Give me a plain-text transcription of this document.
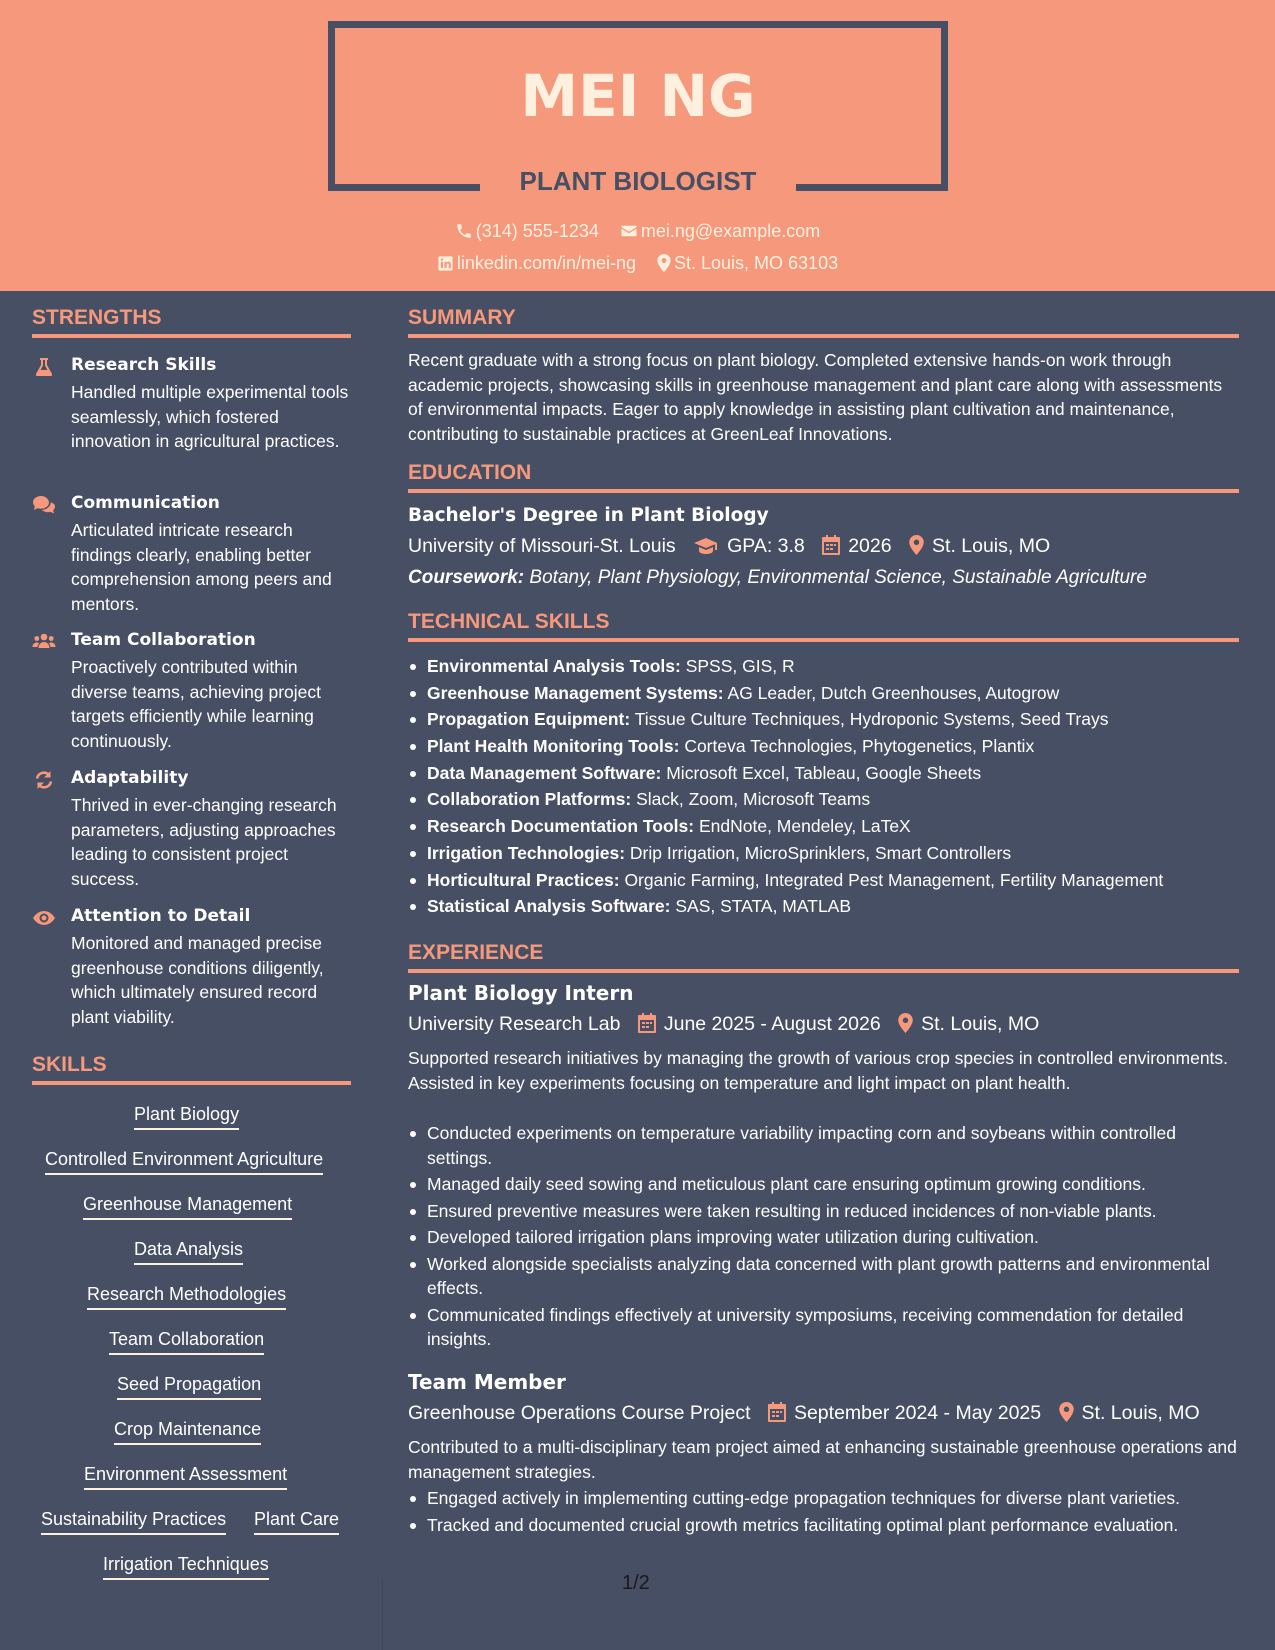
MEI NG
PLANT BIOLOGIST
(314) 555-1234 mei.ng@example.com
linkedin.com/in/mei-ng St. Louis, MO 63103
STRENGTHS
Research Skills
Handled multiple experimental tools seamlessly, which fostered innovation in agricultural practices.
Communication
Articulated intricate research findings clearly, enabling better comprehension among peers and mentors.
Team Collaboration
Proactively contributed within diverse teams, achieving project targets efficiently while learning continuously.
Adaptability
Thrived in ever-changing research parameters, adjusting approaches leading to consistent project success.
Attention to Detail
Monitored and managed precise greenhouse conditions diligently, which ultimately ensured record plant viability.
SKILLS
Plant Biology
Controlled Environment Agriculture
Greenhouse Management
Data Analysis
Research Methodologies
Team Collaboration
Seed Propagation
Crop Maintenance
Environment Assessment
Sustainability Practices Plant Care
Irrigation Techniques
SUMMARY
Recent graduate with a strong focus on plant biology. Completed extensive hands-on work through academic projects, showcasing skills in greenhouse management and plant care along with assessments of environmental impacts. Eager to apply knowledge in assisting plant cultivation and maintenance, contributing to sustainable practices at GreenLeaf Innovations.
EDUCATION
Bachelor's Degree in Plant Biology
University of Missouri-St. Louis	GPA: 3.8 2026 St. Louis, MO
Coursework: Botany, Plant Physiology, Environmental Science, Sustainable Agriculture
TECHNICAL SKILLS
Environmental Analysis Tools: SPSS, GIS, R
Greenhouse Management Systems: AG Leader, Dutch Greenhouses, Autogrow
Propagation Equipment: Tissue Culture Techniques, Hydroponic Systems, Seed Trays
Plant Health Monitoring Tools: Corteva Technologies, Phytogenetics, Plantix
Data Management Software: Microsoft Excel, Tableau, Google Sheets
Collaboration Platforms: Slack, Zoom, Microsoft Teams
Research Documentation Tools: EndNote, Mendeley, LaTeX
Irrigation Technologies: Drip Irrigation, MicroSprinklers, Smart Controllers
Horticultural Practices: Organic Farming, Integrated Pest Management, Fertility Management
Statistical Analysis Software: SAS, STATA, MATLAB
EXPERIENCE
Plant Biology Intern
University Research Lab June 2025 - August 2026 St. Louis, MO
Supported research initiatives by managing the growth of various crop species in controlled environments. Assisted in key experiments focusing on temperature and light impact on plant health.
Conducted experiments on temperature variability impacting corn and soybeans within controlled settings.
Managed daily seed sowing and meticulous plant care ensuring optimum growing conditions.
Ensured preventive measures were taken resulting in reduced incidences of non-viable plants.
Developed tailored irrigation plans improving water utilization during cultivation.
Worked alongside specialists analyzing data concerned with plant growth patterns and environmental effects.
Communicated findings effectively at university symposiums, receiving commendation for detailed insights.
Team Member
Greenhouse Operations Course Project September 2024 - May 2025 St. Louis, MO
Contributed to a multi-disciplinary team project aimed at enhancing sustainable greenhouse operations and management strategies.
Engaged actively in implementing cutting-edge propagation techniques for diverse plant varieties.
Tracked and documented crucial growth metrics facilitating optimal plant performance evaluation.
1/2
